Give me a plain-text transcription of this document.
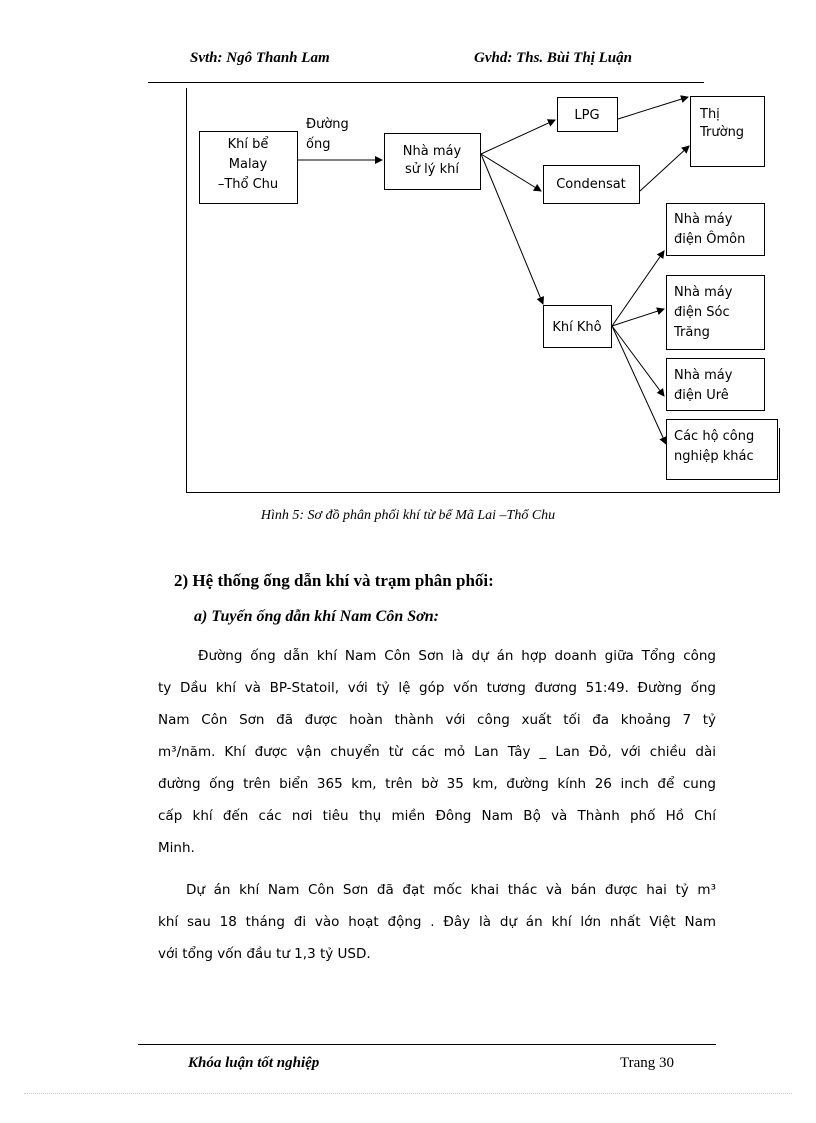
Svth: Ngô Thanh Lam	Gvhd: Ths. Bùi Thị Luận
Khí bể Malay –Thổ Chu
Đường ống	Nhà máy sử lý khí
LPG
Condensat
Thị Trường
Khí Khô
Nhà máy điện Ômôn
Nhà máy điện Sóc Trăng
Nhà máy điện Urê
Các hộ công nghiệp khác
Hình 5: Sơ đồ phân phối khí từ bể Mã Lai –Thổ Chu
2) Hệ thống ống dẫn khí và trạm phân phối:
a) Tuyến ống dẫn khí Nam Côn Sơn:
Đường ống dẫn khí Nam Côn Sơn là dự án hợp doanh giữa Tổng công
ty Dầu khí và BP-Statoil, với tỷ lệ góp vốn tương đương 51:49. Đường ống
Nam Côn Sơn đã được hoàn thành với công xuất tối đa khoảng 7 tỷ
m³/năm. Khí được vận chuyển từ các mỏ Lan Tây _ Lan Đỏ, với chiều dài
đường ống trên biển 365 km, trên bờ 35 km, đường kính 26 inch để cung
cấp khí đến các nơi tiêu thụ miền Đông Nam Bộ và Thành phố Hồ Chí
Minh.
Dự án khí Nam Côn Sơn đã đạt mốc khai thác và bán được hai tỷ m³
khí sau 18 tháng đi vào hoạt động . Đây là dự án khí lớn nhất Việt Nam
với tổng vốn đầu tư 1,3 tỷ USD.
Khóa luận tốt nghiệp	Trang 30
